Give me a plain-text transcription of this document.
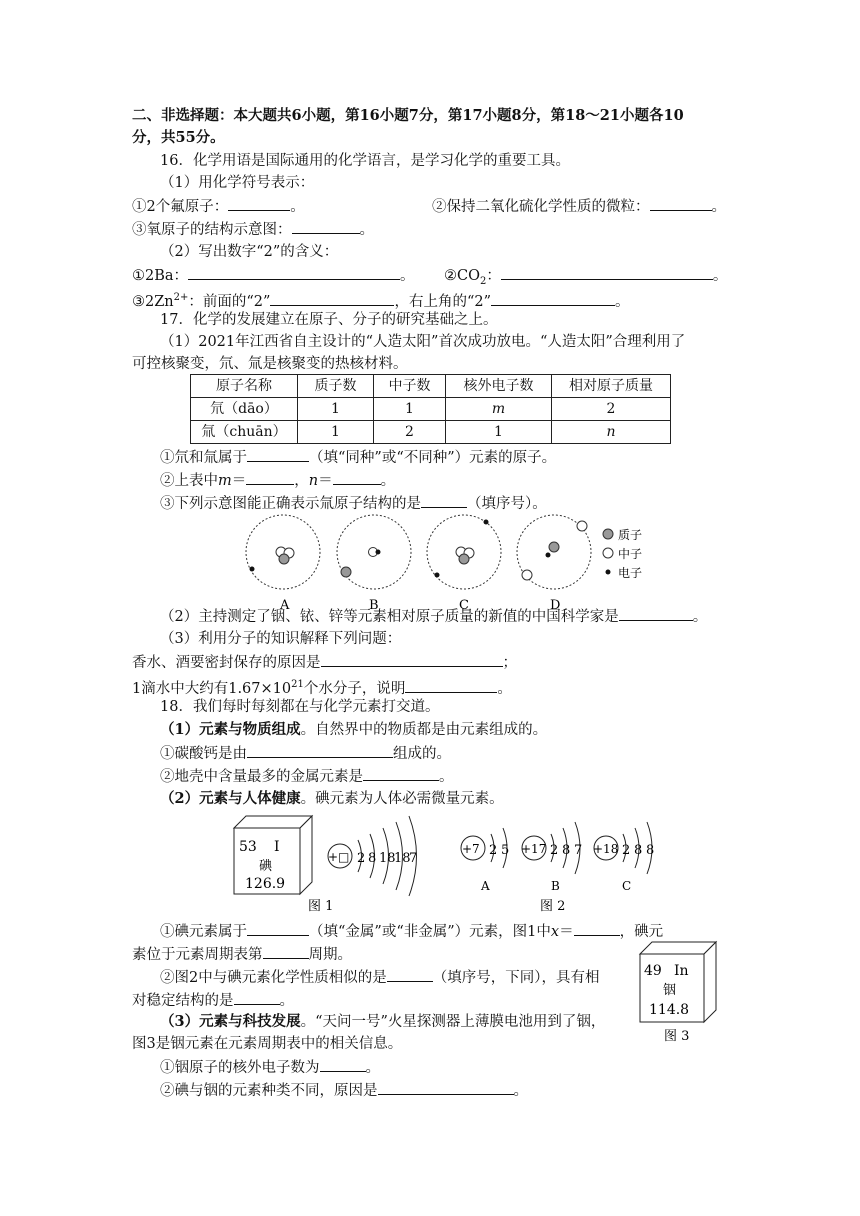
二、非选择题：本大题共6小题，第16小题7分，第17小题8分，第18～21小题各10
分，共55分。
16．化学用语是国际通用的化学语言，是学习化学的重要工具。
（1）用化学符号表示：
①2个氟原子：	。	②保持二氧化硫化学性质的微粒：	。
③氧原子的结构示意图：	。
（2）写出数字“2”的含义：
①2Ba：	。 $②CO_2$：	。
$③2Zn^{2+}$：前面的“2”	，右上角的“2”	。
17．化学的发展建立在原子、分子的研究基础之上。
（1）2021年江西省自主设计的“人造太阳”首次成功放电。“人造太阳”合理利用了
可控核聚变，氘、氚是核聚变的热核材料。
原子名称	质子数	中子数	核外电子数	相对原子质量
氘（dāo）	1	1	m	2
氚（chuān）	1	2	1	n
①氘和氚属于	（填“同种”或“不同种”）元素的原子。
②上表中m＝	，n＝	。
③下列示意图能正确表示氚原子结构的是	（填序号）。
A	B	C	D
质子
中子
电子
（2）主持测定了铟、铱、锌等元素相对原子质量的新值的中国科学家是	。
（3）利用分子的知识解释下列问题：
香水、酒要密封保存的原因是	；
1滴水中大约有$1.67\times 10^{21}$个水分子，说明	。
18．我们每时每刻都在与化学元素打交道。
（1）元素与物质组成。自然界中的物质都是由元素组成的。
①碳酸钙是由	组成的。
②地壳中含量最多的金属元素是	。
（2）元素与人体健康。碘元素为人体必需微量元素。
53 I
碘
126.9
+□ 2 8 18
18
7
图 1
+7 2 5
A
+17 2 8 7
B
+18 2 8 8
C
图 2
①碘元素属于	（填“金属”或“非金属”）元素，图1中x＝	，碘元
素位于元素周期表第	周期。
②图2中与碘元素化学性质相似的是	（填序号，下同），具有相
对稳定结构的是	。
49 In
铟
114.8
图 3
（3）元素与科技发展。“天问一号”火星探测器上薄膜电池用到了铟，
图3是铟元素在元素周期表中的相关信息。
①铟原子的核外电子数为	。
②碘与铟的元素种类不同，原因是	。
